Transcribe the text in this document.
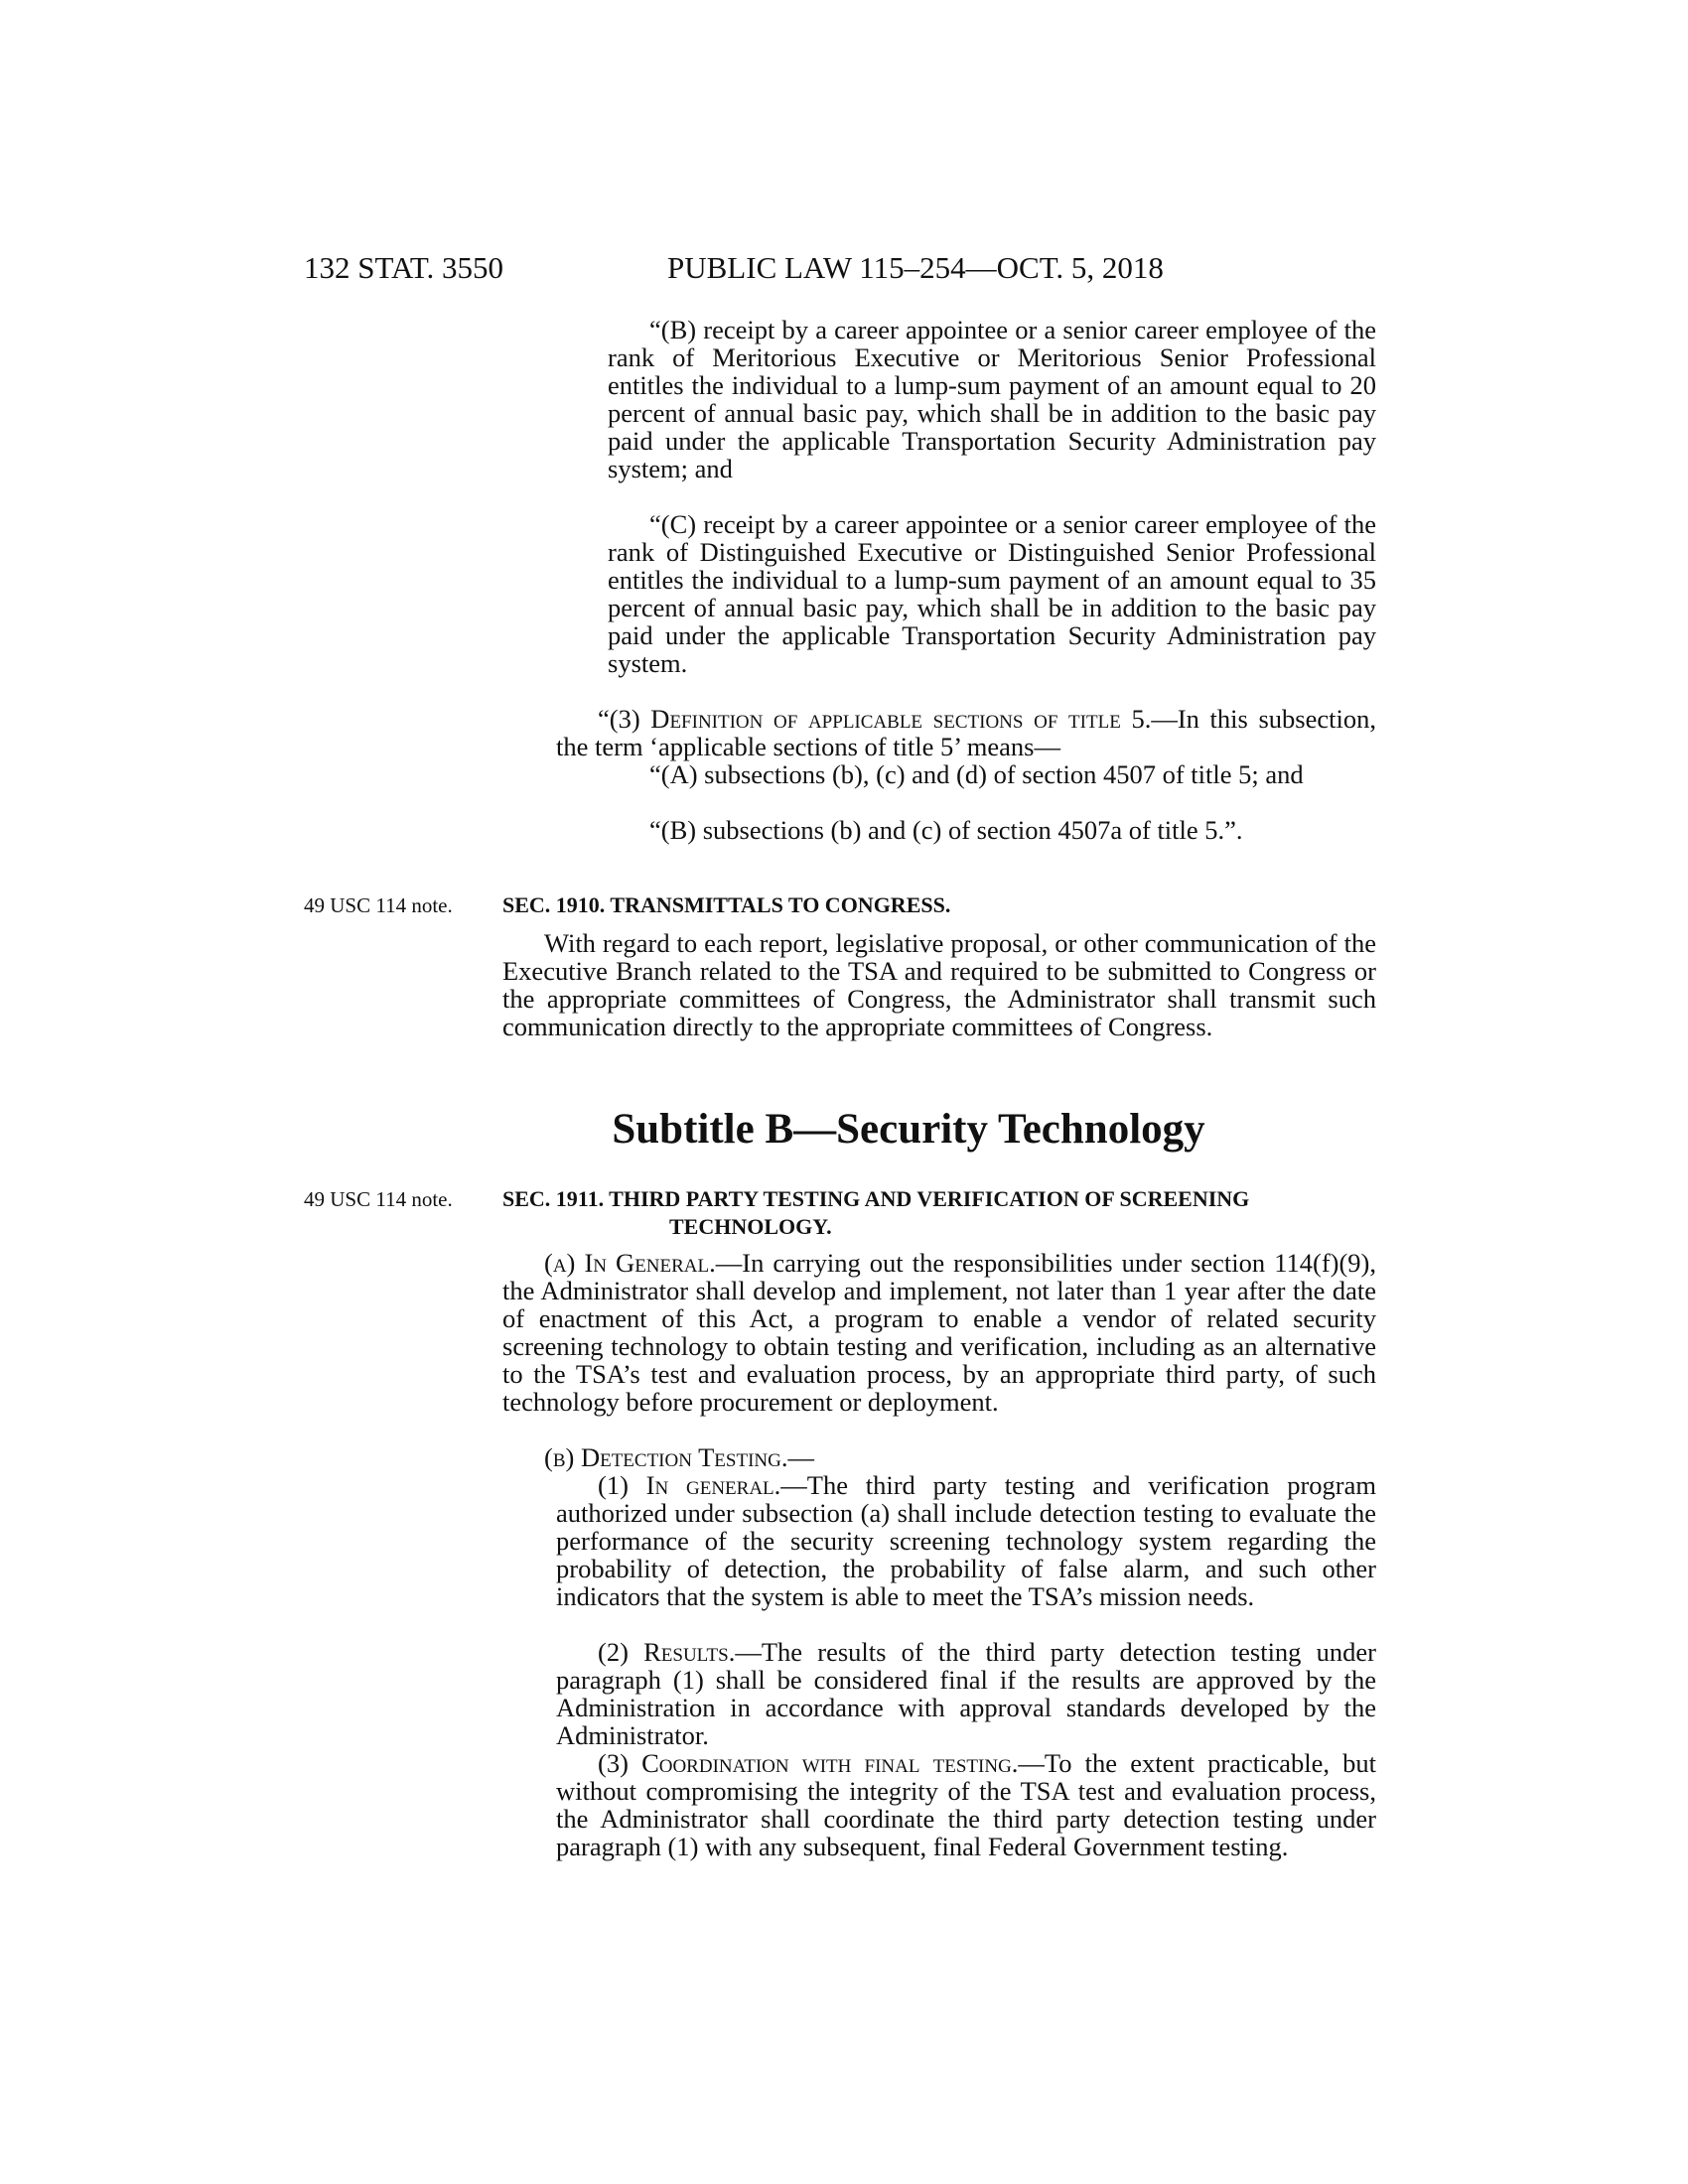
132 STAT. 3550	PUBLIC LAW 115–254—OCT. 5, 2018

“(B) receipt by a career appointee or a senior career employee of the rank of Meritorious Executive or Meritorious Senior Professional entitles the individual to a lump-sum payment of an amount equal to 20 percent of annual basic pay, which shall be in addition to the basic pay paid under the applicable Transportation Security Administration pay system; and

“(C) receipt by a career appointee or a senior career employee of the rank of Distinguished Executive or Distinguished Senior Professional entitles the individual to a lump-sum payment of an amount equal to 35 percent of annual basic pay, which shall be in addition to the basic pay paid under the applicable Transportation Security Administration pay system.

“(3) Definition of applicable sections of title 5.—In this subsection, the term ‘applicable sections of title 5’ means—

“(A) subsections (b), (c) and (d) of section 4507 of title 5; and

“(B) subsections (b) and (c) of section 4507a of title 5.”.

49 USC 114 note. SEC. 1910. TRANSMITTALS TO CONGRESS.

With regard to each report, legislative proposal, or other communication of the Executive Branch related to the TSA and required to be submitted to Congress or the appropriate committees of Congress, the Administrator shall transmit such communication directly to the appropriate committees of Congress.

Subtitle B—Security Technology
49 USC 114 note. SEC. 1911. THIRD PARTY TESTING AND VERIFICATION OF SCREENING
TECHNOLOGY.

(a) In General.—In carrying out the responsibilities under section 114(f)(9), the Administrator shall develop and implement, not later than 1 year after the date of enactment of this Act, a program to enable a vendor of related security screening technology to obtain testing and verification, including as an alternative to the TSA’s test and evaluation process, by an appropriate third party, of such technology before procurement or deployment.

(b) Detection Testing.—

(1) In general.—The third party testing and verification program authorized under subsection (a) shall include detection testing to evaluate the performance of the security screening technology system regarding the probability of detection, the probability of false alarm, and such other indicators that the system is able to meet the TSA’s mission needs.

(2) Results.—The results of the third party detection testing under paragraph (1) shall be considered final if the results are approved by the Administration in accordance with approval standards developed by the Administrator.

(3) Coordination with final testing.—To the extent practicable, but without compromising the integrity of the TSA test and evaluation process, the Administrator shall coordinate the third party detection testing under paragraph (1) with any subsequent, final Federal Government testing.
